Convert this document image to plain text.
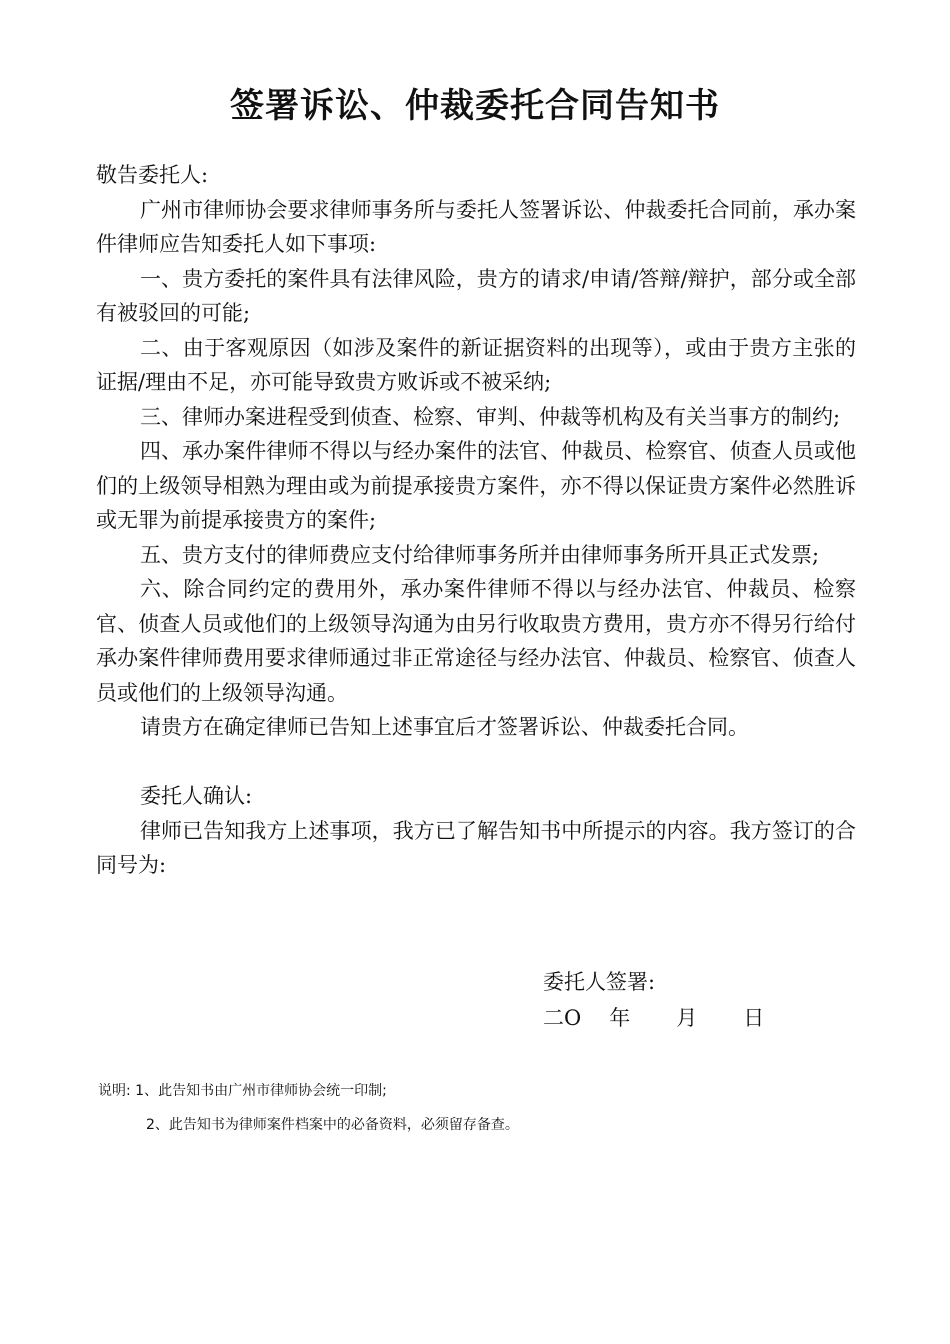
签署诉讼、仲裁委托合同告知书

敬告委托人:

广州市律师协会要求律师事务所与委托人签署诉讼、仲裁委托合同前，承办案件律师应告知委托人如下事项:

一、贵方委托的案件具有法律风险，贵方的请求/申请/答辩/辩护，部分或全部有被驳回的可能;

二、由于客观原因（如涉及案件的新证据资料的出现等），或由于贵方主张的证据/理由不足，亦可能导致贵方败诉或不被采纳;

三、律师办案进程受到侦查、检察、审判、仲裁等机构及有关当事方的制约;

四、承办案件律师不得以与经办案件的法官、仲裁员、检察官、侦查人员或他们的上级领导相熟为理由或为前提承接贵方案件，亦不得以保证贵方案件必然胜诉或无罪为前提承接贵方的案件;

五、贵方支付的律师费应支付给律师事务所并由律师事务所开具正式发票;

六、除合同约定的费用外，承办案件律师不得以与经办法官、仲裁员、检察官、侦查人员或他们的上级领导沟通为由另行收取贵方费用，贵方亦不得另行给付承办案件律师费用要求律师通过非正常途径与经办法官、仲裁员、检察官、侦查人员或他们的上级领导沟通。

请贵方在确定律师已告知上述事宜后才签署诉讼、仲裁委托合同。

委托人确认:

律师已告知我方上述事项，我方已了解告知书中所提示的内容。我方签订的合同号为:

委托人签署:
二O 年 月 日
说明: 1、此告知书由广州市律师协会统一印制;
2、此告知书为律师案件档案中的必备资料，必须留存备查。
